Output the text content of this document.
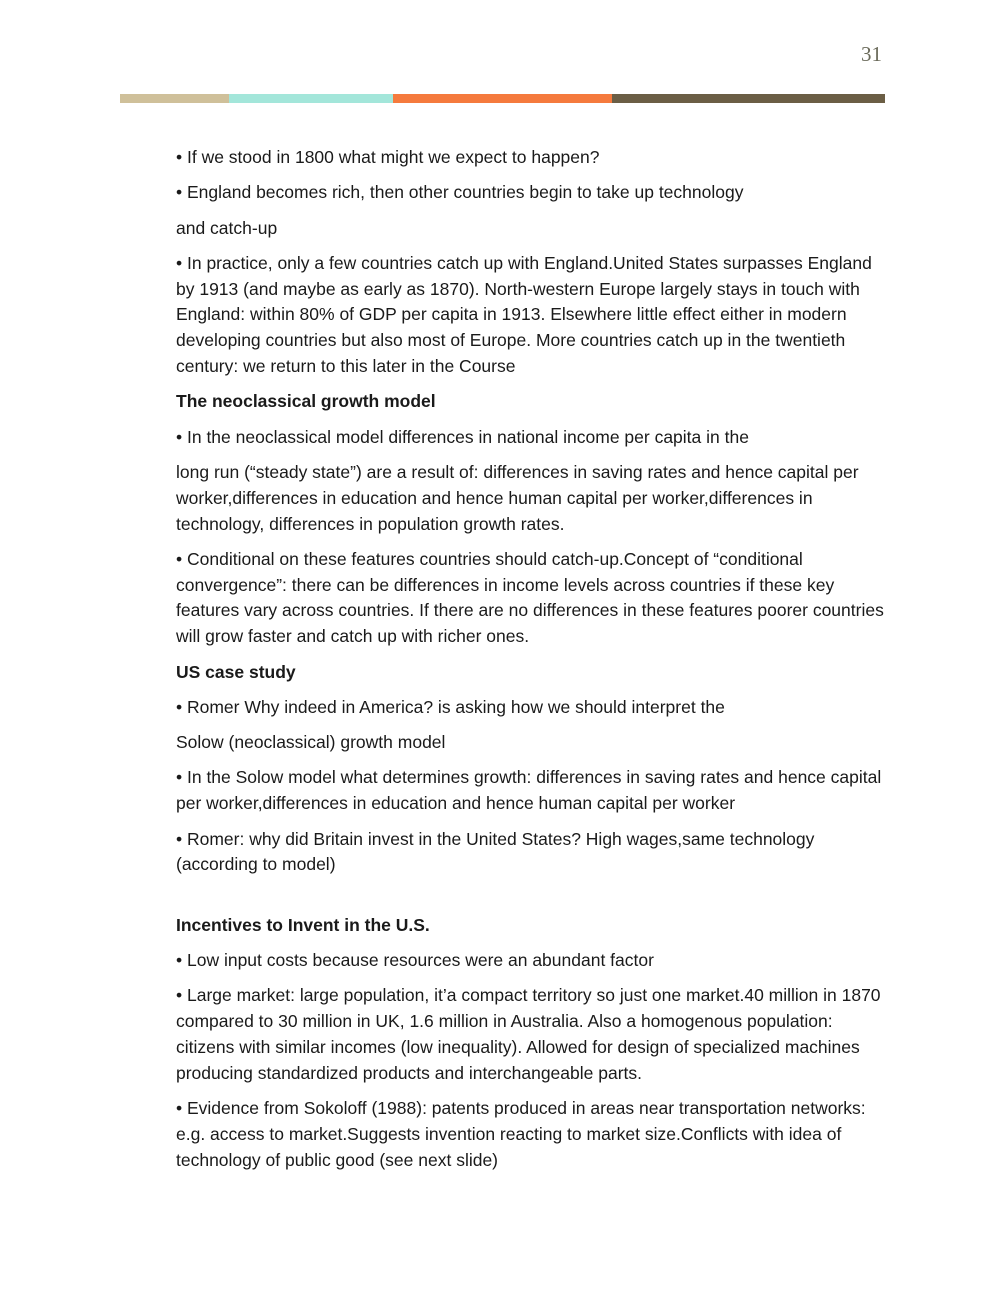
31

• If we stood in 1800 what might we expect to happen?

• England becomes rich, then other countries begin to take up technology

and catch-up

• In practice, only a few countries catch up with England.United States surpasses England by 1913 (and maybe as early as 1870). North-western Europe largely stays in touch with England: within 80% of GDP per capita in 1913. Elsewhere little effect either in modern developing countries but also most of Europe. More countries catch up in the twentieth century: we return to this later in the Course

The neoclassical growth model

• In the neoclassical model differences in national income per capita in the

long run (“steady state”) are a result of: differences in saving rates and hence capital per worker,differences in education and hence human capital per worker,differences in technology, differences in population growth rates.

• Conditional on these features countries should catch-up.Concept of “conditional convergence”: there can be differences in income levels across countries if these key features vary across countries. If there are no differences in these features poorer countries will grow faster and catch up with richer ones.

US case study

• Romer Why indeed in America? is asking how we should interpret the

Solow (neoclassical) growth model

• In the Solow model what determines growth: differences in saving rates and hence capital per worker,differences in education and hence human capital per worker

• Romer: why did Britain invest in the United States? High wages,same technology (according to model)

Incentives to Invent in the U.S.

• Low input costs because resources were an abundant factor

• Large market: large population, it’a compact territory so just one market.40 million in 1870 compared to 30 million in UK, 1.6 million in Australia. Also a homogenous population: citizens with similar incomes (low inequality). Allowed for design of specialized machines producing standardized products and interchangeable parts.

• Evidence from Sokoloff (1988): patents produced in areas near transportation networks: e.g. access to market.Suggests invention reacting to market size.Conflicts with idea of technology of public good (see next slide)
